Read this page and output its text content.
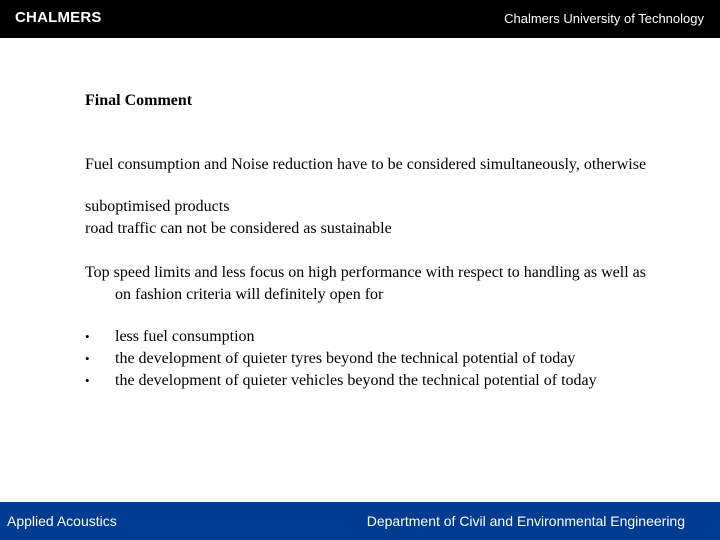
CHALMERS	Chalmers University of Technology

Final Comment

Fuel consumption and Noise reduction have to be considered simultaneously, otherwise

suboptimised products

road traffic can not be considered as sustainable

Top speed limits and less focus on high performance with respect to handling as well as on fashion criteria will definitely open for

• less fuel consumption
• the development of quieter tyres beyond the technical potential of today
• the development of quieter vehicles beyond the technical potential of today
Applied Acoustics	Department of Civil and Environmental Engineering
